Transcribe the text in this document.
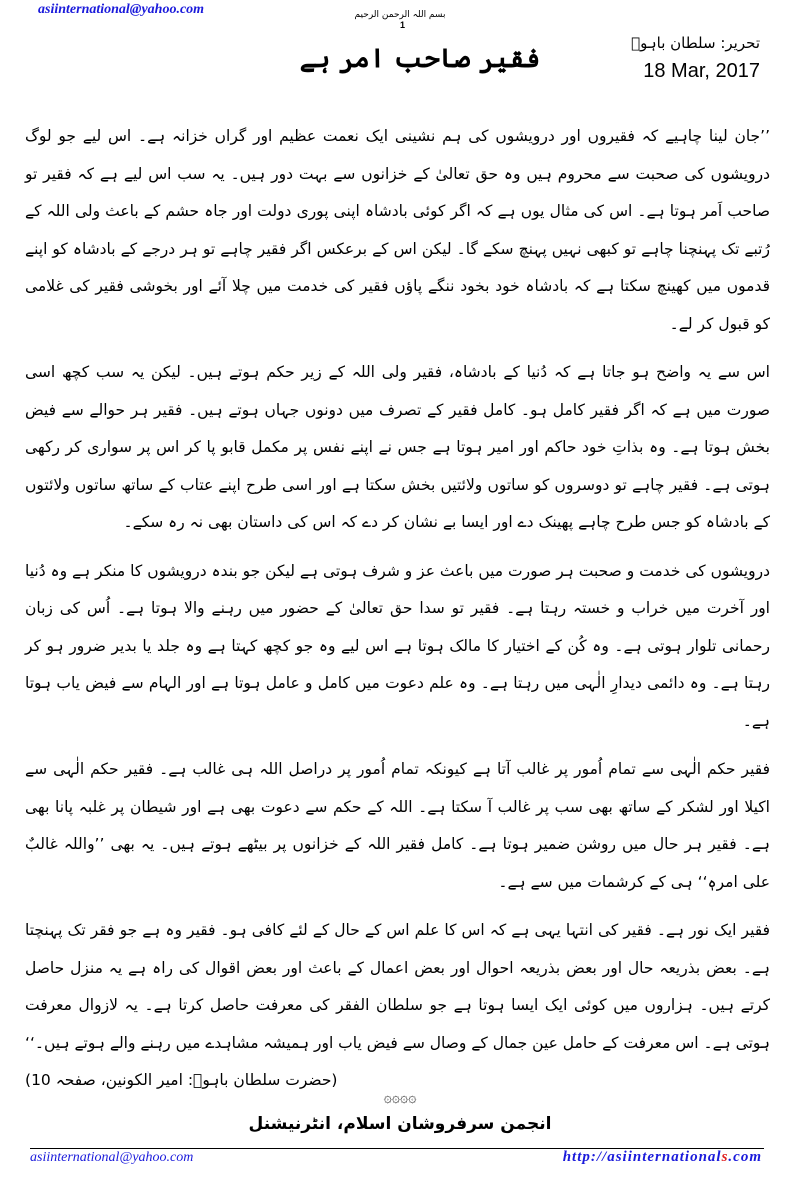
asiinternational@yahoo.com	بسم اللہ الرحمن الرحیم
1
تحریر: سلطان باہوؒ
18 Mar, 2017
فقیر صاحب امر ہے

’’جان لینا چاہیے کہ فقیروں اور درویشوں کی ہم نشینی ایک نعمت عظیم اور گراں خزانہ ہے۔ اس لیے جو لوگ درویشوں کی صحبت سے محروم ہیں وہ حق تعالیٰ کے خزانوں سے بہت دور ہیں۔ یہ سب اس لیے ہے کہ فقیر تو صاحب اَمر ہوتا ہے۔ اس کی مثال یوں ہے کہ اگر کوئی بادشاہ اپنی پوری دولت اور جاہ حشم کے باعث ولی اللہ کے رُتبے تک پہنچنا چاہے تو کبھی نہیں پہنچ سکے گا۔ لیکن اس کے برعکس اگر فقیر چاہے تو ہر درجے کے بادشاہ کو اپنے قدموں میں کھینچ سکتا ہے کہ بادشاہ خود بخود ننگے پاؤں فقیر کی خدمت میں چلا آئے اور بخوشی فقیر کی غلامی کو قبول کر لے۔

اس سے یہ واضح ہو جاتا ہے کہ دُنیا کے بادشاہ، فقیر ولی اللہ کے زیر حکم ہوتے ہیں۔ لیکن یہ سب کچھ اسی صورت میں ہے کہ اگر فقیر کامل ہو۔ کامل فقیر کے تصرف میں دونوں جہاں ہوتے ہیں۔ فقیر ہر حوالے سے فیض بخش ہوتا ہے۔ وہ بذاتِ خود حاکم اور امیر ہوتا ہے جس نے اپنے نفس پر مکمل قابو پا کر اس پر سواری کر رکھی ہوتی ہے۔ فقیر چاہے تو دوسروں کو ساتوں ولائتیں بخش سکتا ہے اور اسی طرح اپنے عتاب کے ساتھ ساتوں ولائتوں کے بادشاہ کو جس طرح چاہے پھینک دے اور ایسا بے نشان کر دے کہ اس کی داستان بھی نہ رہ سکے۔

درویشوں کی خدمت و صحبت ہر صورت میں باعث عز و شرف ہوتی ہے لیکن جو بندہ درویشوں کا منکر ہے وہ دُنیا اور آخرت میں خراب و خستہ رہتا ہے۔ فقیر تو سدا حق تعالیٰ کے حضور میں رہنے والا ہوتا ہے۔ اُس کی زبان رحمانی تلوار ہوتی ہے۔ وہ کُن کے اختیار کا مالک ہوتا ہے اس لیے وہ جو کچھ کہتا ہے وہ جلد یا بدیر ضرور ہو کر رہتا ہے۔ وہ دائمی دیدارِ الٰہی میں رہتا ہے۔ وہ علم دعوت میں کامل و عامل ہوتا ہے اور الہام سے فیض یاب ہوتا ہے۔

فقیر حکم الٰہی سے تمام اُمور پر غالب آتا ہے کیونکہ تمام اُمور پر دراصل اللہ ہی غالب ہے۔ فقیر حکم الٰہی سے اکیلا اور لشکر کے ساتھ بھی سب پر غالب آ سکتا ہے۔ اللہ کے حکم سے دعوت بھی ہے اور شیطان پر غلبہ پانا بھی ہے۔ فقیر ہر حال میں روشن ضمیر ہوتا ہے۔ کامل فقیر اللہ کے خزانوں پر بیٹھے ہوتے ہیں۔ یہ بھی ’’واللہ غالبٌ علی امرہٖ‘‘ ہی کے کرشمات میں سے ہے۔

فقیر ایک نور ہے۔ فقیر کی انتہا یہی ہے کہ اس کا علم اس کے حال کے لئے کافی ہو۔ فقیر وہ ہے جو فقر تک پہنچتا ہے۔ بعض بذریعہ حال اور بعض بذریعہ احوال اور بعض اعمال کے باعث اور بعض اقوال کی راہ ہے یہ منزل حاصل کرتے ہیں۔ ہزاروں میں کوئی ایک ایسا ہوتا ہے جو سلطان الفقر کی معرفت حاصل کرتا ہے۔ یہ لازوال معرفت ہوتی ہے۔ اس معرفت کے حامل عین جمال کے وصال سے فیض یاب اور ہمیشہ مشاہدے میں رہنے والے ہوتے ہیں۔‘‘
(حضرت سلطان باہوؒ: امیر الکونین، صفحہ 10)

۞۞۞۞
انجمن سرفروشان اسلام، انٹرنیشنل
asiinternational@yahoo.com	http://asiinternationals.com
